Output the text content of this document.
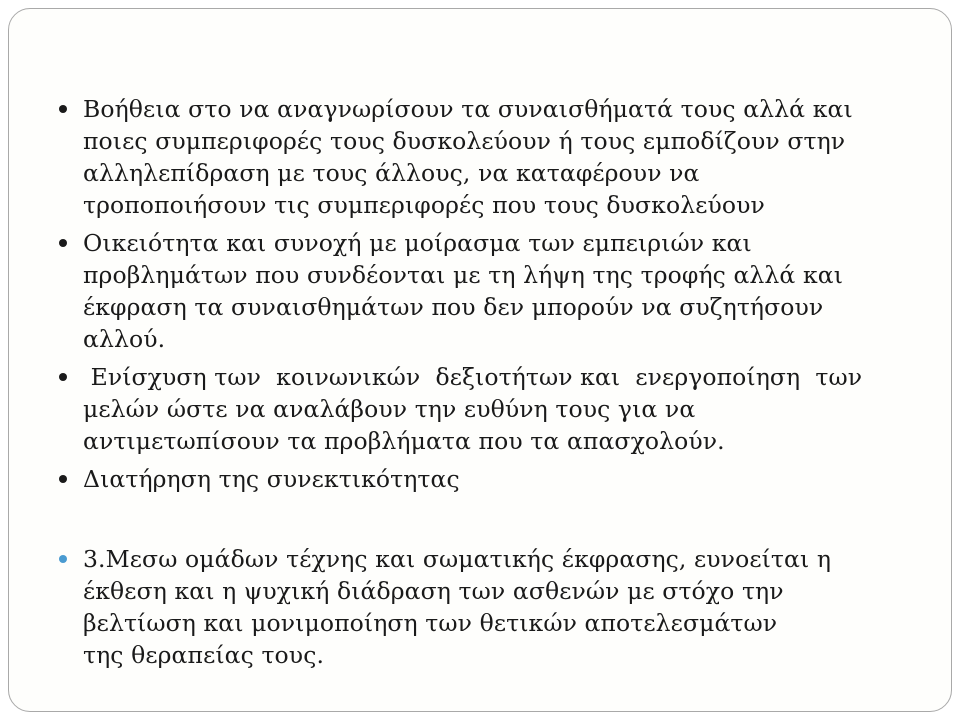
Βοήθεια στο να αναγνωρίσουν τα συναισθήματά τους αλλά και
ποιες συμπεριφορές τους δυσκολεύουν ή τους εμποδίζουν στην
αλληλεπίδραση με τους άλλους, να καταφέρουν να
τροποποιήσουν τις συμπεριφορές που τους δυσκολεύουν
Οικειότητα και συνοχή με μοίρασμα των εμπειριών και
προβλημάτων που συνδέονται με τη λήψη της τροφής αλλά και
έκφραση τα συναισθημάτων που δεν μπορούν να συζητήσουν
αλλού.
Ενίσχυση των  κοινωνικών  δεξιοτήτων και  ενεργοποίηση  των
μελών ώστε να αναλάβουν την ευθύνη τους για να
αντιμετωπίσουν τα προβλήματα που τα απασχολούν.
Διατήρηση της συνεκτικότητας
3.Μεσω ομάδων τέχνης και σωματικής έκφρασης, ευνοείται η
έκθεση και η ψυχική διάδραση των ασθενών με στόχο την
βελτίωση και μονιμοποίηση των θετικών αποτελεσμάτων
της θεραπείας τους.
